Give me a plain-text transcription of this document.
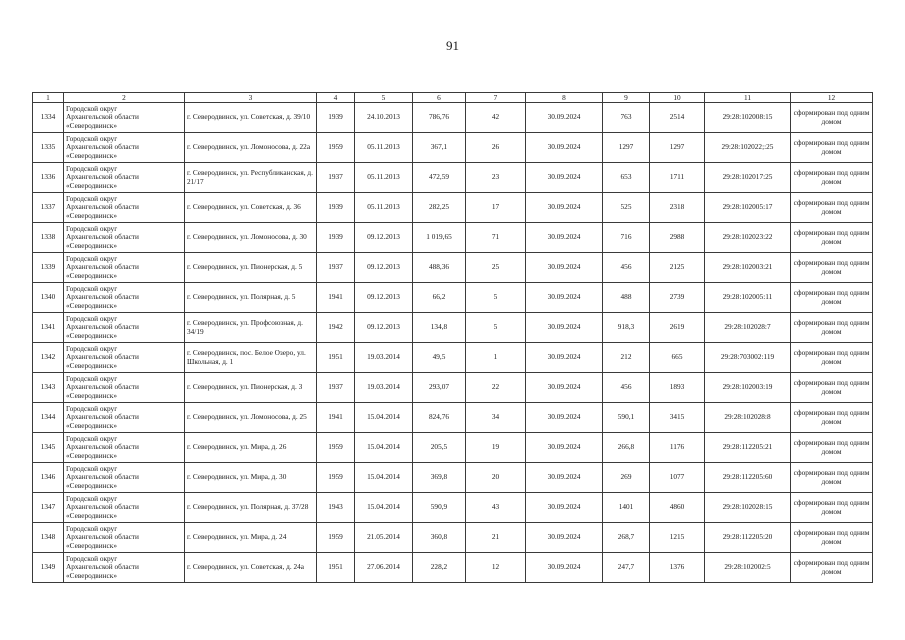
91
1	2	3	4	5	6	7	8	9	10	11	12
1334	Городской округ
Архангельской области
«Северодвинск»	г. Северодвинск, ул. Советская, д. 39/10	1939	24.10.2013	786,76	42	30.09.2024	763	2514	29:28:102008:15	сформирован под одним домом
1335	Городской округ
Архангельской области
«Северодвинск»	г. Северодвинск, ул. Ломоносова, д. 22а	1959	05.11.2013	367,1	26	30.09.2024	1297	1297	29:28:102022;:25	сформирован под одним домом
1336	Городской округ
Архангельской области
«Северодвинск»	г. Северодвинск, ул. Республиканская, д. 21/17	1937	05.11.2013	472,59	23	30.09.2024	653	1711	29:28:102017:25	сформирован под одним домом
1337	Городской округ
Архангельской области
«Северодвинск»	г. Северодвинск, ул. Советская, д. 36	1939	05.11.2013	282,25	17	30.09.2024	525	2318	29:28:102005:17	сформирован под одним домом
1338	Городской округ
Архангельской области
«Северодвинск»	г. Северодвинск, ул. Ломоносова, д. 30	1939	09.12.2013	1 019,65	71	30.09.2024	716	2988	29:28:102023:22	сформирован под одним домом
1339	Городской округ
Архангельской области
«Северодвинск»	г. Северодвинск, ул. Пионерская, д. 5	1937	09.12.2013	488,36	25	30.09.2024	456	2125	29:28:102003:21	сформирован под одним домом
1340	Городской округ
Архангельской области
«Северодвинск»	г. Северодвинск, ул. Полярная, д. 5	1941	09.12.2013	66,2	5	30.09.2024	488	2739	29:28:102005:11	сформирован под одним домом
1341	Городской округ
Архангельской области
«Северодвинск»	г. Северодвинск, ул. Профсоюзная, д. 34/19	1942	09.12.2013	134,8	5	30.09.2024	918,3	2619	29:28:102028:7	сформирован под одним домом
1342	Городской округ
Архангельской области
«Северодвинск»	г. Северодвинск, пос. Белое Озеро, ул. Школьная, д. 1	1951	19.03.2014	49,5	1	30.09.2024	212	665	29:28:703002:119	сформирован под одним домом
1343	Городской округ
Архангельской области
«Северодвинск»	г. Северодвинск, ул. Пионерская, д. 3	1937	19.03.2014	293,07	22	30.09.2024	456	1893	29:28:102003:19	сформирован под одним домом
1344	Городской округ
Архангельской области
«Северодвинск»	г. Северодвинск, ул. Ломоносова, д. 25	1941	15.04.2014	824,76	34	30.09.2024	590,1	3415	29:28:102028:8	сформирован под одним домом
1345	Городской округ
Архангельской области
«Северодвинск»	г. Северодвинск, ул. Мира, д. 26	1959	15.04.2014	205,5	19	30.09.2024	266,8	1176	29:28:112205:21	сформирован под одним домом
1346	Городской округ
Архангельской области
«Северодвинск»	г. Северодвинск, ул. Мира, д. 30	1959	15.04.2014	369,8	20	30.09.2024	269	1077	29:28:112205:60	сформирован под одним домом
1347	Городской округ
Архангельской области
«Северодвинск»	г. Северодвинск, ул. Полярная, д. 37/28	1943	15.04.2014	590,9	43	30.09.2024	1401	4860	29:28:102028:15	сформирован под одним домом
1348	Городской округ
Архангельской области
«Северодвинск»	г. Северодвинск, ул. Мира, д. 24	1959	21.05.2014	360,8	21	30.09.2024	268,7	1215	29:28:112205:20	сформирован под одним домом
1349	Городской округ
Архангельской области
«Северодвинск»	г. Северодвинск, ул. Советская, д. 24а	1951	27.06.2014	228,2	12	30.09.2024	247,7	1376	29:28:102002:5	сформирован под одним домом
